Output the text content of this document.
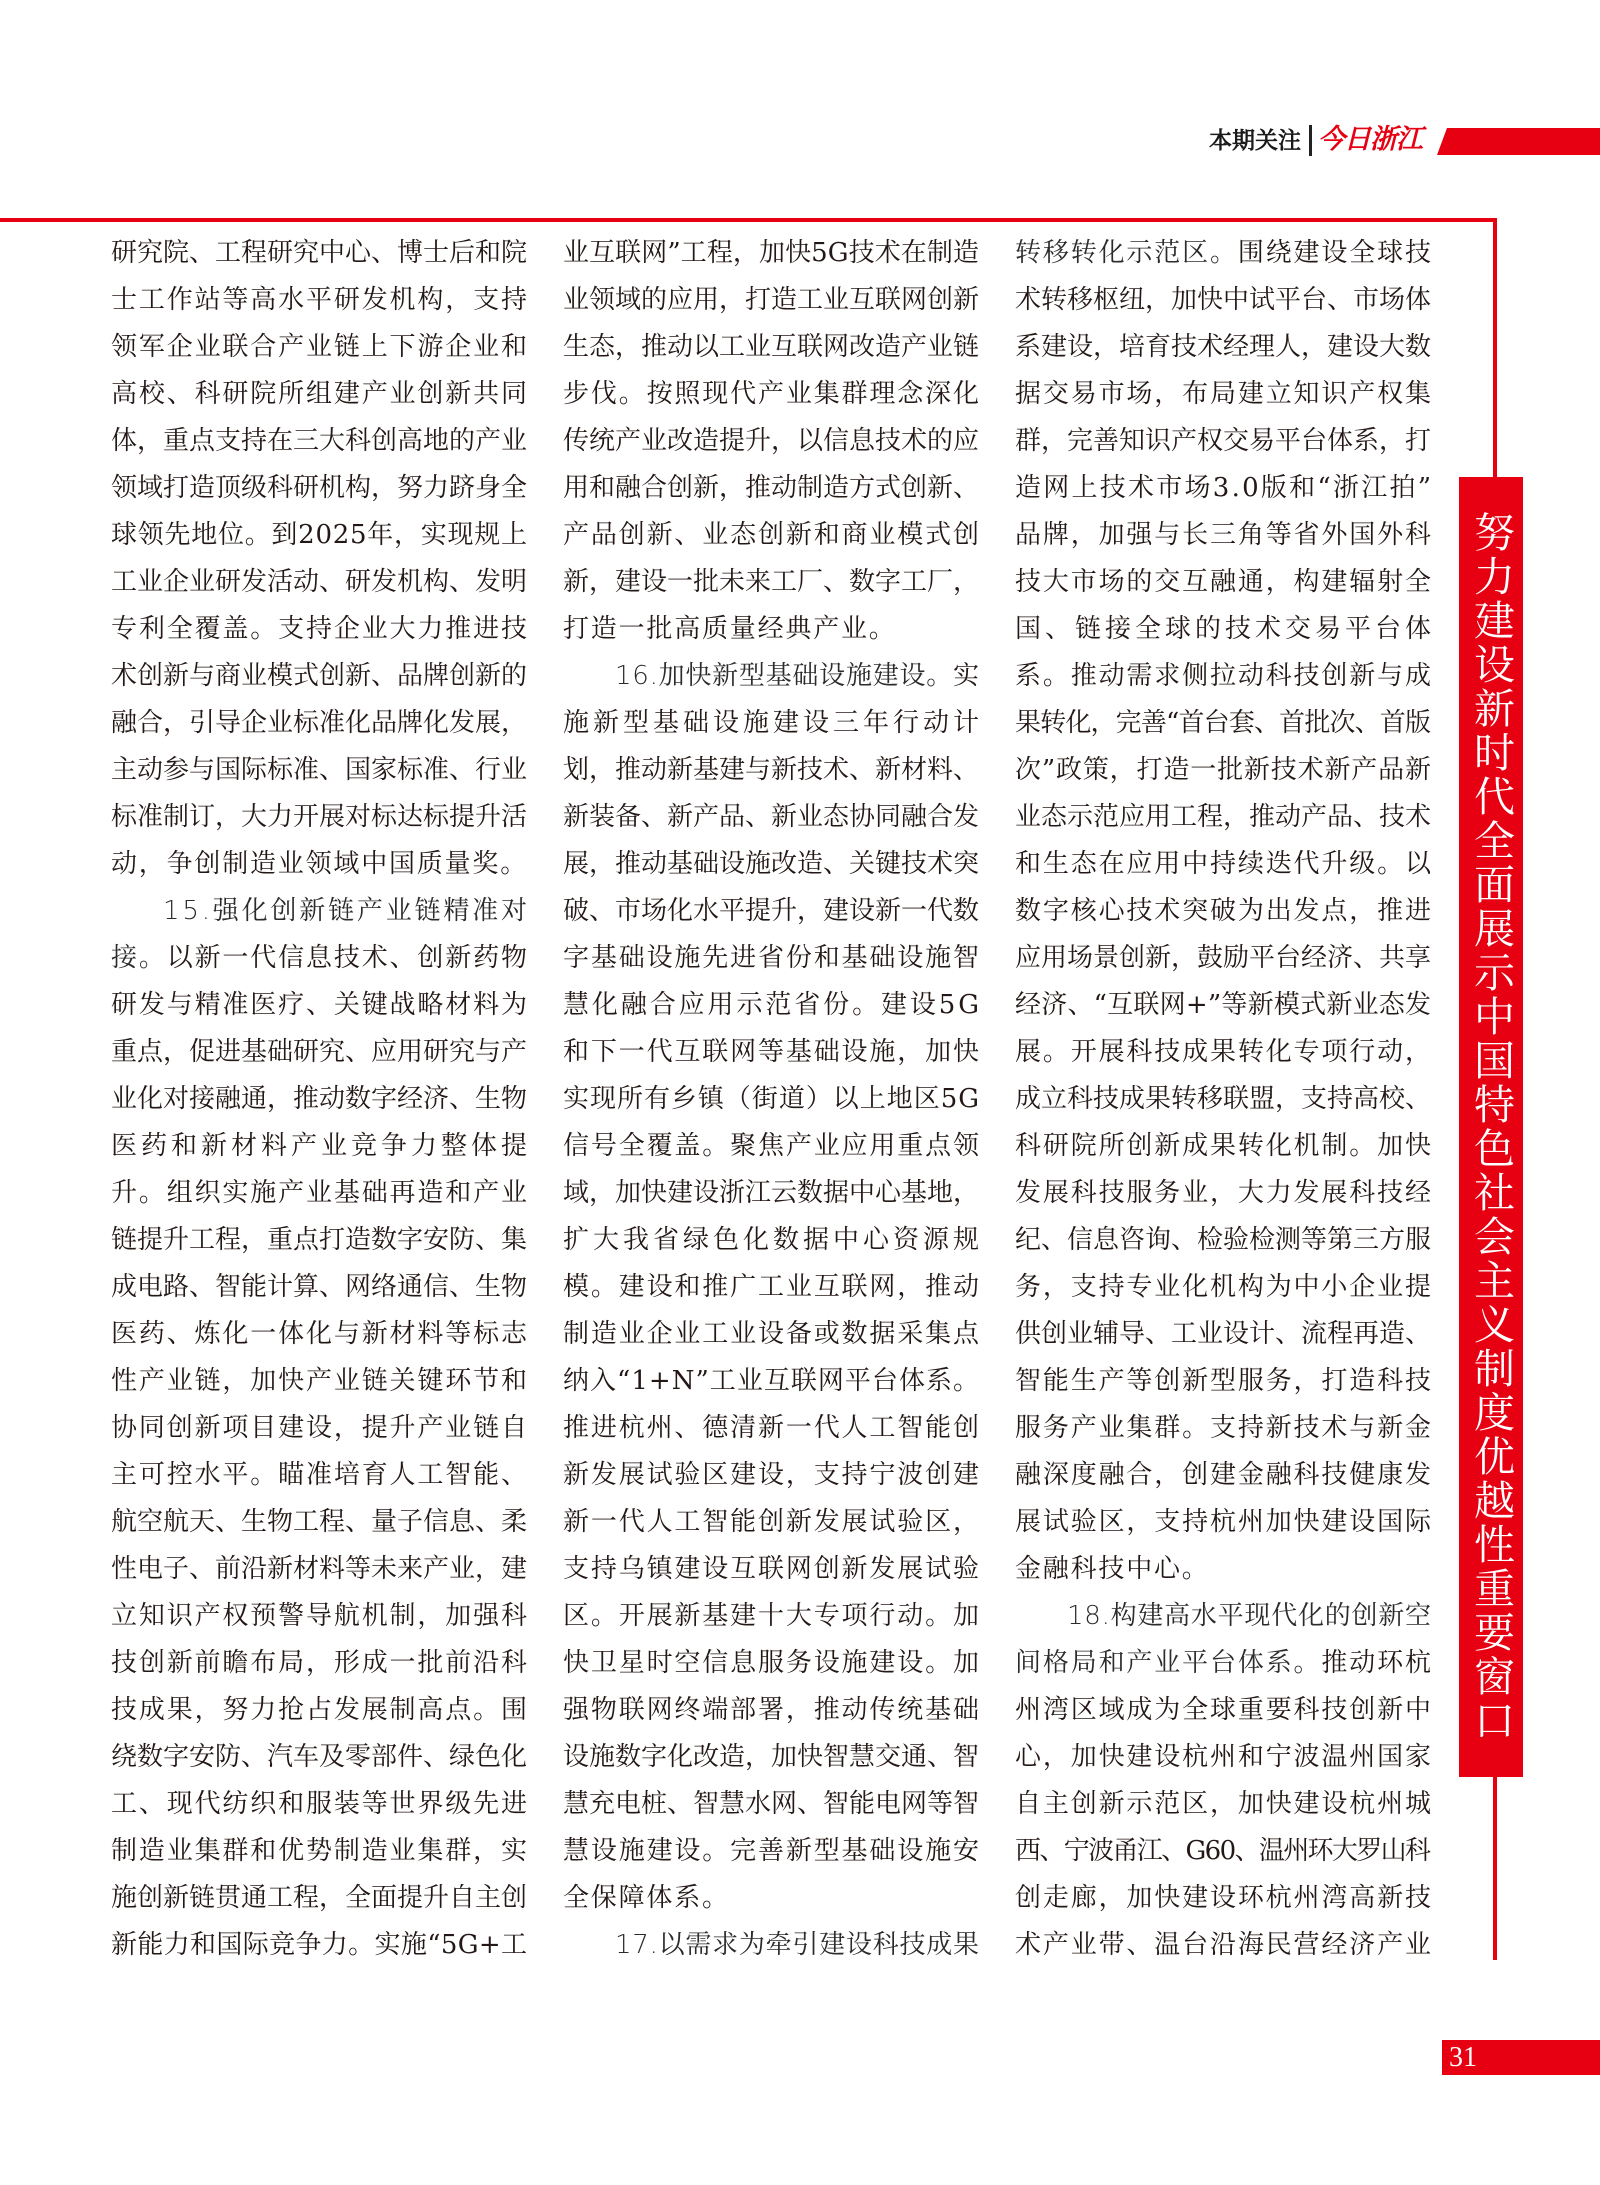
本期关注 今日浙江
努力建设新时代全面展示中国特色社会主义制度优越性重要窗口
研究院、工程研究中心、博士后和院
士工作站等高水平研发机构，支持
领军企业联合产业链上下游企业和
高校、科研院所组建产业创新共同
体，重点支持在三大科创高地的产业
领域打造顶级科研机构，努力跻身全
球领先地位。到2025年，实现规上
工业企业研发活动、研发机构、发明
专利全覆盖。支持企业大力推进技
术创新与商业模式创新、品牌创新的
融合，引导企业标准化品牌化发展，
主动参与国际标准、国家标准、行业
标准制订，大力开展对标达标提升活
动，争创制造业领域中国质量奖。
15.强化创新链产业链精准对
接。以新一代信息技术、创新药物
研发与精准医疗、关键战略材料为
重点，促进基础研究、应用研究与产
业化对接融通，推动数字经济、生物
医药和新材料产业竞争力整体提
升。组织实施产业基础再造和产业
链提升工程，重点打造数字安防、集
成电路、智能计算、网络通信、生物
医药、炼化一体化与新材料等标志
性产业链，加快产业链关键环节和
协同创新项目建设，提升产业链自
主可控水平。瞄准培育人工智能、
航空航天、生物工程、量子信息、柔
性电子、前沿新材料等未来产业，建
立知识产权预警导航机制，加强科
技创新前瞻布局，形成一批前沿科
技成果，努力抢占发展制高点。围
绕数字安防、汽车及零部件、绿色化
工、现代纺织和服装等世界级先进
制造业集群和优势制造业集群，实
施创新链贯通工程，全面提升自主创
新能力和国际竞争力。实施“5G+工
业互联网”工程，加快5G技术在制造
业领域的应用，打造工业互联网创新
生态，推动以工业互联网改造产业链
步伐。按照现代产业集群理念深化
传统产业改造提升，以信息技术的应
用和融合创新，推动制造方式创新、
产品创新、业态创新和商业模式创
新，建设一批未来工厂、数字工厂，
打造一批高质量经典产业。
16.加快新型基础设施建设。实
施新型基础设施建设三年行动计
划，推动新基建与新技术、新材料、
新装备、新产品、新业态协同融合发
展，推动基础设施改造、关键技术突
破、市场化水平提升，建设新一代数
字基础设施先进省份和基础设施智
慧化融合应用示范省份。建设5G
和下一代互联网等基础设施，加快
实现所有乡镇（街道）以上地区5G
信号全覆盖。聚焦产业应用重点领
域，加快建设浙江云数据中心基地，
扩大我省绿色化数据中心资源规
模。建设和推广工业互联网，推动
制造业企业工业设备或数据采集点
纳入“1+N”工业互联网平台体系。
推进杭州、德清新一代人工智能创
新发展试验区建设，支持宁波创建
新一代人工智能创新发展试验区，
支持乌镇建设互联网创新发展试验
区。开展新基建十大专项行动。加
快卫星时空信息服务设施建设。加
强物联网终端部署，推动传统基础
设施数字化改造，加快智慧交通、智
慧充电桩、智慧水网、智能电网等智
慧设施建设。完善新型基础设施安
全保障体系。
17.以需求为牵引建设科技成果
转移转化示范区。围绕建设全球技
术转移枢纽，加快中试平台、市场体
系建设，培育技术经理人，建设大数
据交易市场，布局建立知识产权集
群，完善知识产权交易平台体系，打
造网上技术市场3.0版和“浙江拍”
品牌，加强与长三角等省外国外科
技大市场的交互融通，构建辐射全
国、链接全球的技术交易平台体
系。推动需求侧拉动科技创新与成
果转化，完善“首台套、首批次、首版
次”政策，打造一批新技术新产品新
业态示范应用工程，推动产品、技术
和生态在应用中持续迭代升级。以
数字核心技术突破为出发点，推进
应用场景创新，鼓励平台经济、共享
经济、“互联网+”等新模式新业态发
展。开展科技成果转化专项行动，
成立科技成果转移联盟，支持高校、
科研院所创新成果转化机制。加快
发展科技服务业，大力发展科技经
纪、信息咨询、检验检测等第三方服
务，支持专业化机构为中小企业提
供创业辅导、工业设计、流程再造、
智能生产等创新型服务，打造科技
服务产业集群。支持新技术与新金
融深度融合，创建金融科技健康发
展试验区，支持杭州加快建设国际
金融科技中心。
18.构建高水平现代化的创新空
间格局和产业平台体系。推动环杭
州湾区域成为全球重要科技创新中
心，加快建设杭州和宁波温州国家
自主创新示范区，加快建设杭州城
西、宁波甬江、G60、温州环大罗山科
创走廊，加快建设环杭州湾高新技
术产业带、温台沿海民营经济产业
31
